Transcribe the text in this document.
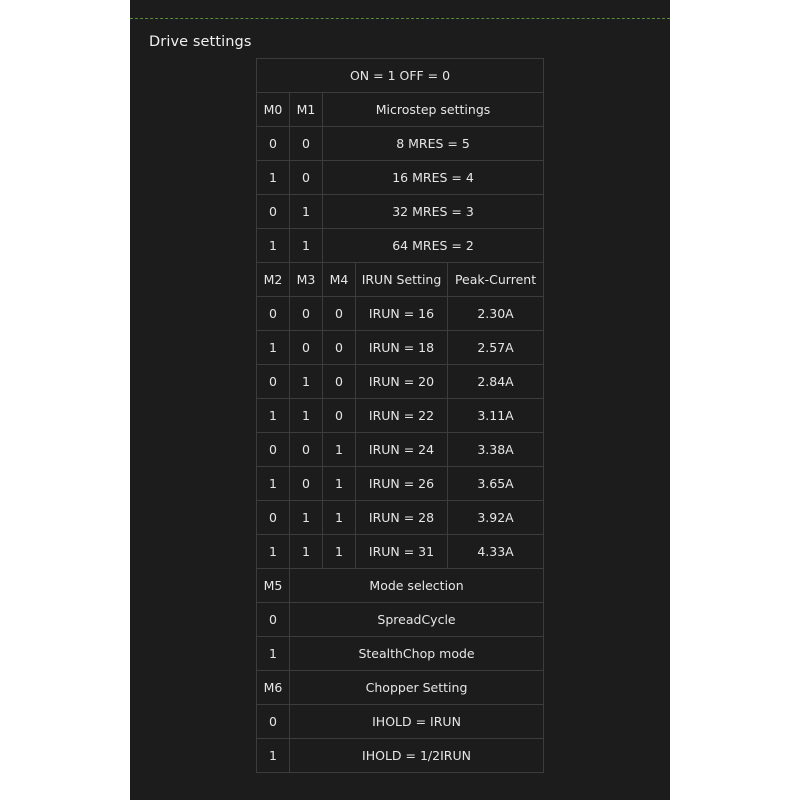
Drive settings
ON = 1 OFF = 0				
M0	M1	Microstep settings		
0	0	8 MRES = 5		
1	0	16 MRES = 4		
0	1	32 MRES = 3		
1	1	64 MRES = 2		
M2	M3	M4	IRUN Setting	Peak-Current
0	0	0	IRUN = 16	2.30A
1	0	0	IRUN = 18	2.57A
0	1	0	IRUN = 20	2.84A
1	1	0	IRUN = 22	3.11A
0	0	1	IRUN = 24	3.38A
1	0	1	IRUN = 26	3.65A
0	1	1	IRUN = 28	3.92A
1	1	1	IRUN = 31	4.33A
M5	Mode selection			
0	SpreadCycle			
1	StealthChop mode			
M6	Chopper Setting			
0	IHOLD = IRUN			
1	IHOLD = 1/2IRUN			
